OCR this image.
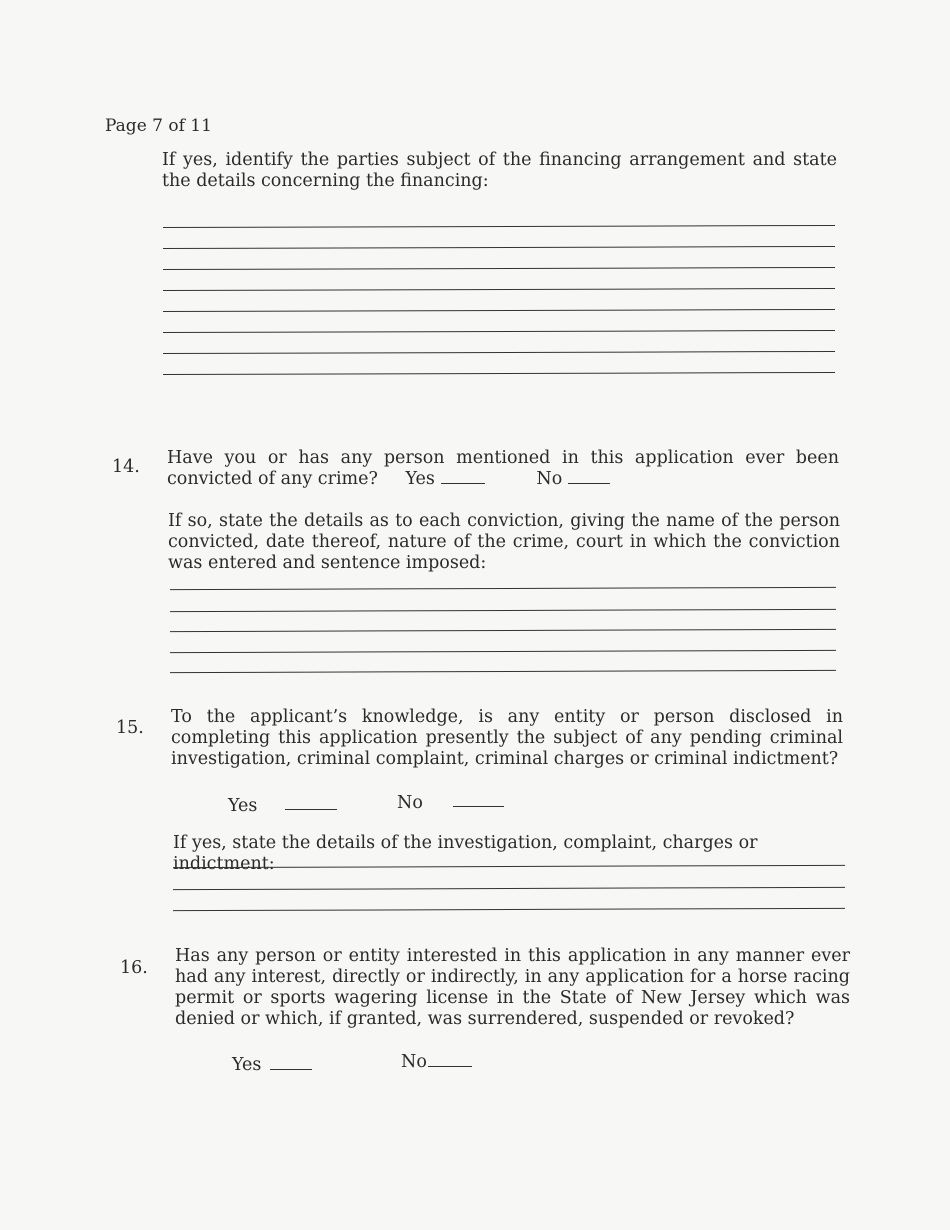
Page 7 of 11

If yes, identify the parties subject of the financing arrangement and state the details concerning the financing:

14. Have you or has any person mentioned in this application ever been convicted of any crime? Yes	No

If so, state the details as to each conviction, giving the name of the person convicted, date thereof, nature of the crime, court in which the conviction was entered and sentence imposed:

15.

To the applicant’s knowledge, is any entity or person disclosed in completing this application presently the subject of any pending criminal investigation, criminal complaint, criminal charges or criminal indictment?

Yes	No

If yes, state the details of the investigation, complaint, charges or indictment:

16.

Has any person or entity interested in this application in any manner ever had any interest, directly or indirectly, in any application for a horse racing permit or sports wagering license in the State of New Jersey which was denied or which, if granted, was surrendered, suspended or revoked?

Yes	No
